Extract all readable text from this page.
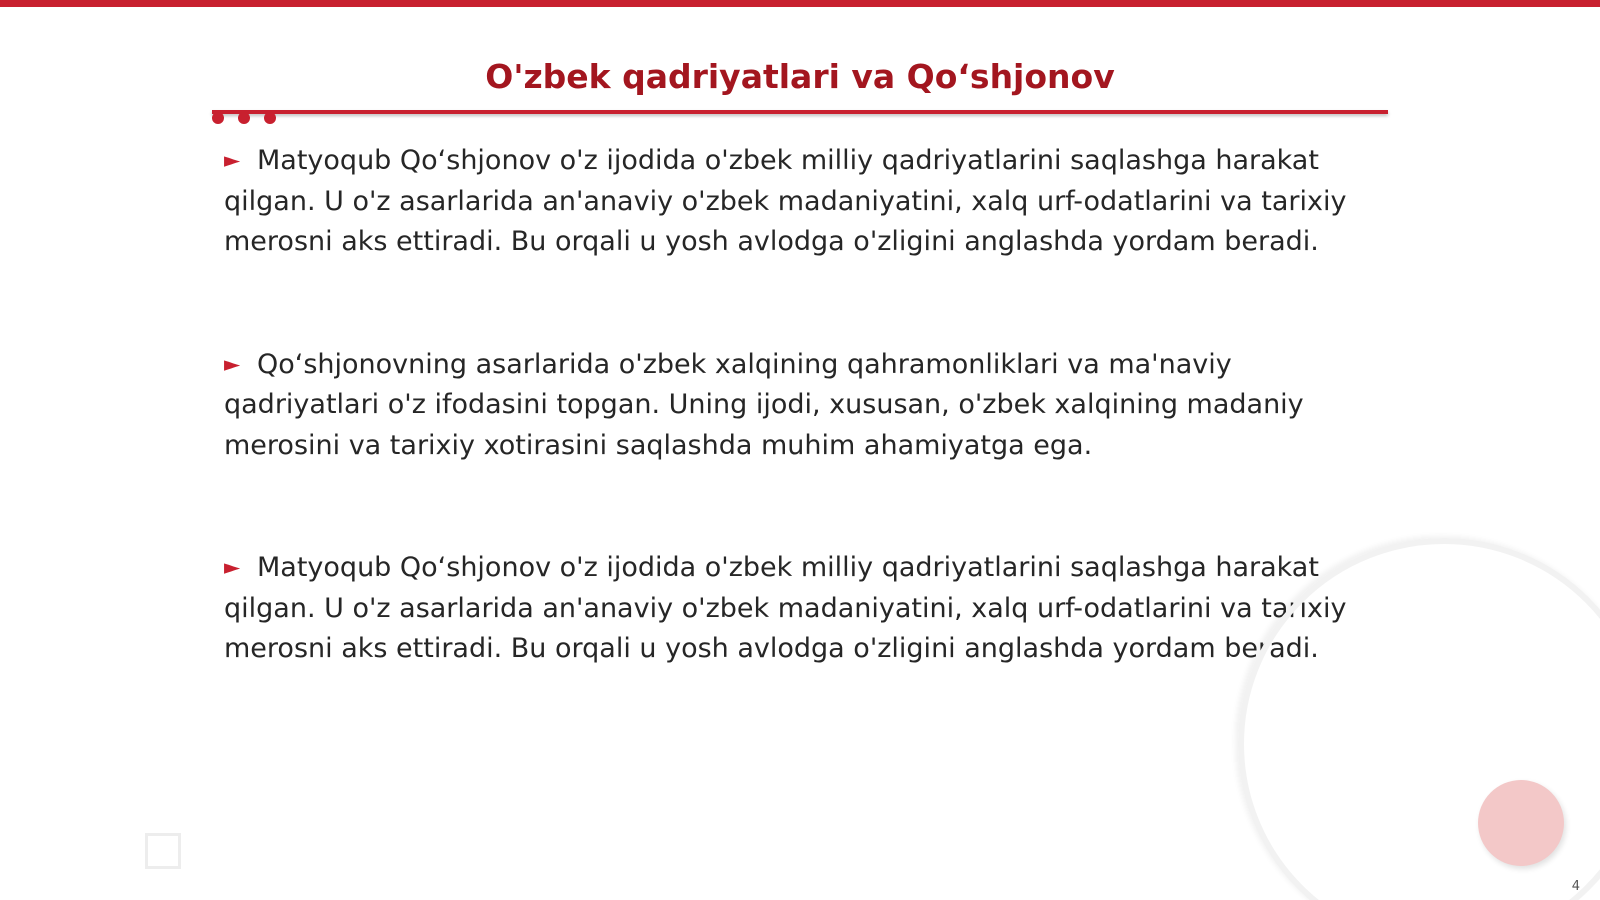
O'zbek qadriyatlari va Qo‘shjonov
► Matyoqub Qo‘shjonov o'z ijodida o'zbek milliy qadriyatlarini saqlashga harakat
qilgan. U o'z asarlarida an'anaviy o'zbek madaniyatini, xalq urf-odatlarini va tarixiy
merosni aks ettiradi. Bu orqali u yosh avlodga o'zligini anglashda yordam beradi.
► Qo‘shjonovning asarlarida o'zbek xalqining qahramonliklari va ma'naviy
qadriyatlari o'z ifodasini topgan. Uning ijodi, xususan, o'zbek xalqining madaniy
merosini va tarixiy xotirasini saqlashda muhim ahamiyatga ega.
► Matyoqub Qo‘shjonov o'z ijodida o'zbek milliy qadriyatlarini saqlashga harakat
qilgan. U o'z asarlarida an'anaviy o'zbek madaniyatini, xalq urf-odatlarini va tarixiy
merosni aks ettiradi. Bu orqali u yosh avlodga o'zligini anglashda yordam beradi.
4
